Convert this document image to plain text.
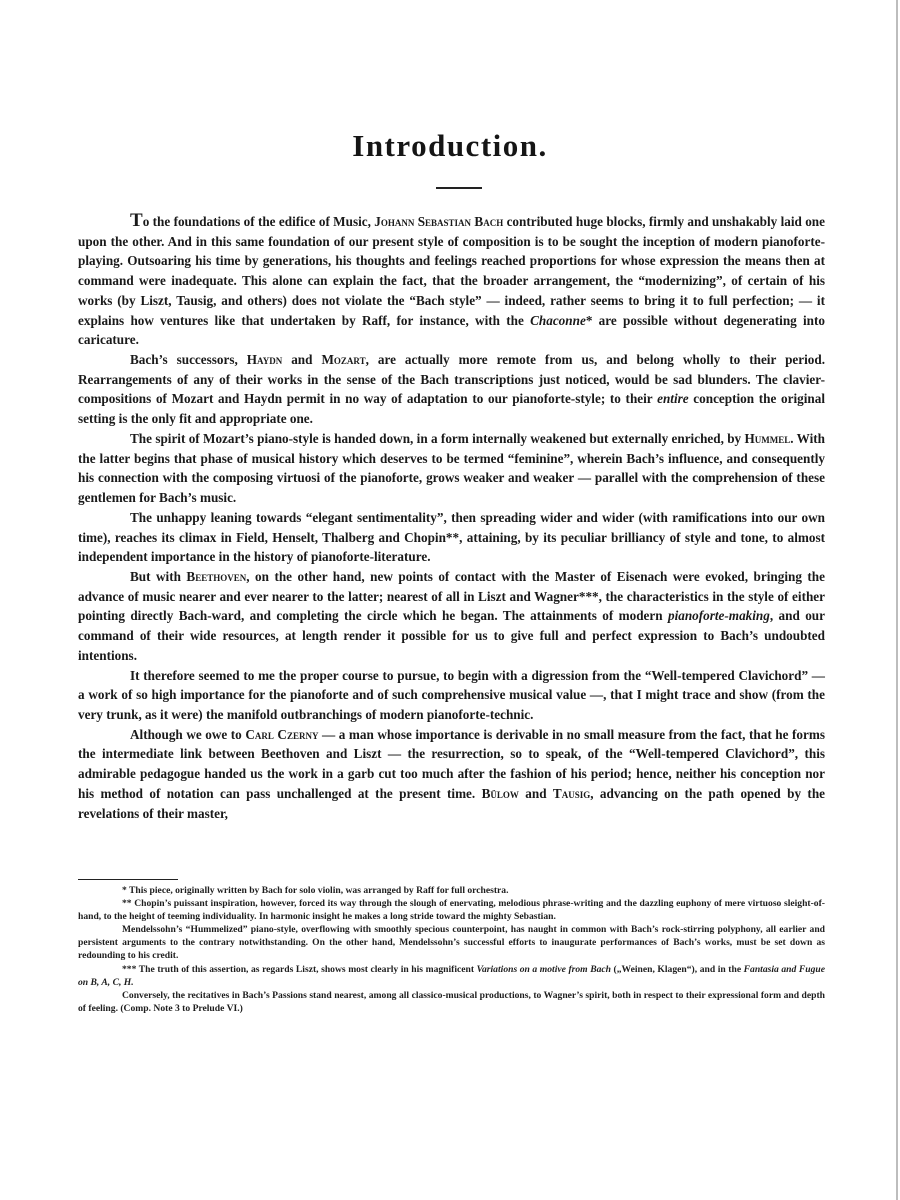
Introduction.

To the foundations of the edifice of Music, Johann Sebastian Bach contributed huge blocks, firmly and unshakably laid one upon the other. And in this same foundation of our present style of composition is to be sought the inception of modern pianoforte-playing. Outsoaring his time by generations, his thoughts and feelings reached proportions for whose expression the means then at command were inadequate. This alone can explain the fact, that the broader arrangement, the “modernizing”, of certain of his works (by Liszt, Tausig, and others) does not violate the “Bach style” — indeed, rather seems to bring it to full perfection; — it explains how ventures like that undertaken by Raff, for instance, with the Chaconne* are possible without degenerating into caricature.

Bach’s successors, Haydn and Mozart, are actually more remote from us, and belong wholly to their period. Rearrangements of any of their works in the sense of the Bach transcriptions just noticed, would be sad blunders. The clavier-compositions of Mozart and Haydn permit in no way of adaptation to our pianoforte-style; to their entire conception the original setting is the only fit and appropriate one.

The spirit of Mozart’s piano-style is handed down, in a form internally weakened but externally enriched, by Hummel. With the latter begins that phase of musical history which deserves to be termed “feminine”, wherein Bach’s influence, and consequently his connection with the composing virtuosi of the pianoforte, grows weaker and weaker — parallel with the comprehension of these gentlemen for Bach’s music.

The unhappy leaning towards “elegant sentimentality”, then spreading wider and wider (with ramifications into our own time), reaches its climax in Field, Henselt, Thalberg and Chopin**, attaining, by its peculiar brilliancy of style and tone, to almost independent importance in the history of pianoforte-literature.

But with Beethoven, on the other hand, new points of contact with the Master of Eisenach were evoked, bringing the advance of music nearer and ever nearer to the latter; nearest of all in Liszt and Wagner***, the characteristics in the style of either pointing directly Bach-ward, and completing the circle which he began. The attainments of modern pianoforte-making, and our command of their wide resources, at length render it possible for us to give full and perfect expression to Bach’s undoubted intentions.

It therefore seemed to me the proper course to pursue, to begin with a digression from the “Well-tempered Clavichord” — a work of so high importance for the pianoforte and of such comprehensive musical value —, that I might trace and show (from the very trunk, as it were) the manifold outbranchings of modern pianoforte-technic.

Although we owe to Carl Czerny — a man whose importance is derivable in no small measure from the fact, that he forms the intermediate link between Beethoven and Liszt — the resurrection, so to speak, of the “Well-tempered Clavichord”, this admirable pedagogue handed us the work in a garb cut too much after the fashion of his period; hence, neither his conception nor his method of notation can pass unchallenged at the present time. Bülow and Tausig, advancing on the path opened by the revelations of their master,

* This piece, originally written by Bach for solo violin, was arranged by Raff for full orchestra.

** Chopin’s puissant inspiration, however, forced its way through the slough of enervating, melodious phrase-writing and the dazzling euphony of mere virtuoso sleight-of-hand, to the height of teeming individuality. In harmonic insight he makes a long stride toward the mighty Sebastian.

Mendelssohn’s “Hummelized” piano-style, overflowing with smoothly specious counterpoint, has naught in common with Bach’s rock-stirring polyphony, all earlier and persistent arguments to the contrary notwithstanding. On the other hand, Mendelssohn’s successful efforts to inaugurate performances of Bach’s works, must be set down as redounding to his credit.

*** The truth of this assertion, as regards Liszt, shows most clearly in his magnificent Variations on a motive from Bach („Weinen, Klagen“), and in the Fantasia and Fugue on B, A, C, H.

Conversely, the recitatives in Bach’s Passions stand nearest, among all classico-musical productions, to Wagner’s spirit, both in respect to their expressional form and depth of feeling. (Comp. Note 3 to Prelude VI.)
